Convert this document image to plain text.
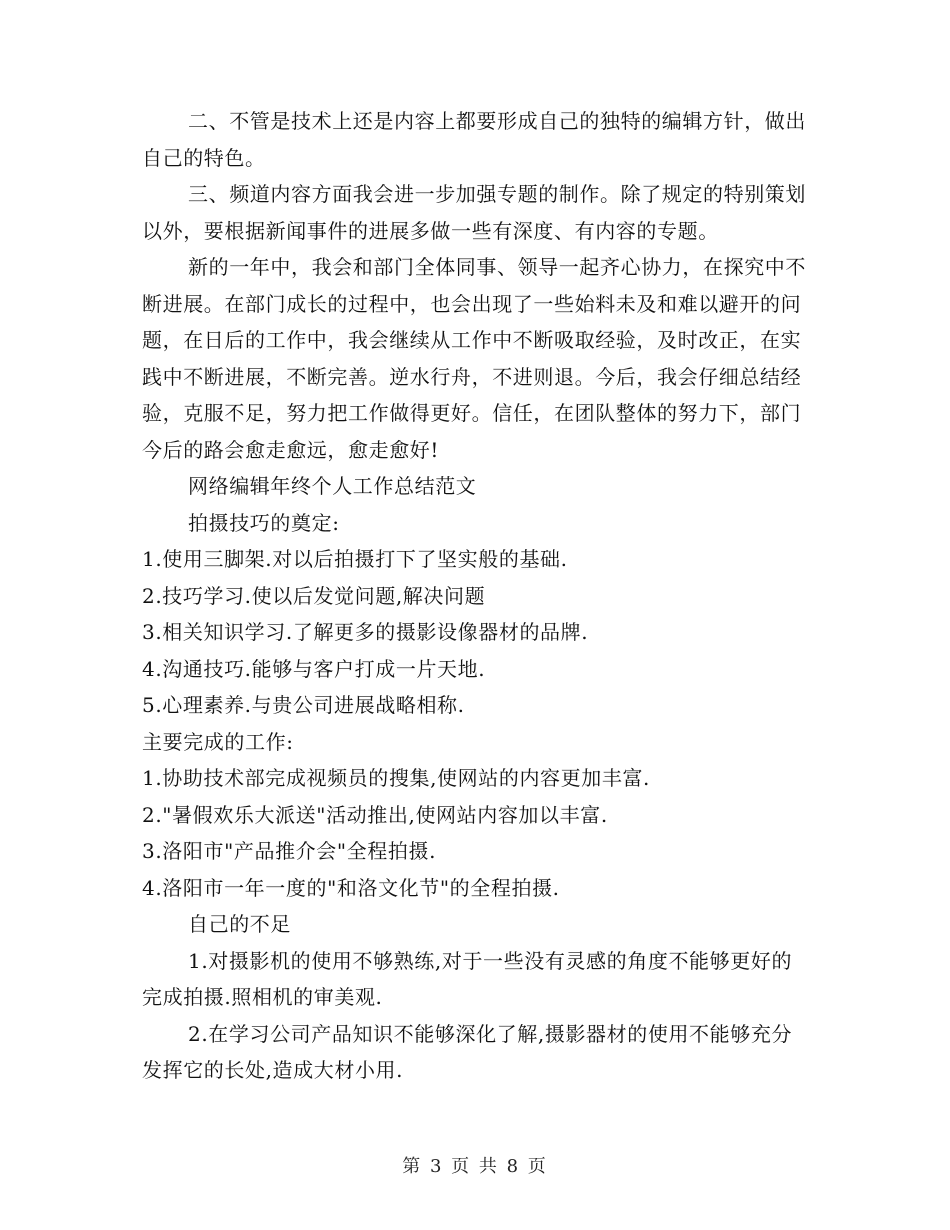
二、不管是技术上还是内容上都要形成自己的独特的编辑方针，做出自己的特色。

三、频道内容方面我会进一步加强专题的制作。除了规定的特别策划以外，要根据新闻事件的进展多做一些有深度、有内容的专题。

新的一年中，我会和部门全体同事、领导一起齐心协力，在探究中不断进展。在部门成长的过程中，也会出现了一些始料未及和难以避开的问题，在日后的工作中，我会继续从工作中不断吸取经验，及时改正，在实践中不断进展，不断完善。逆水行舟，不进则退。今后，我会仔细总结经验，克服不足，努力把工作做得更好。信任，在团队整体的努力下，部门今后的路会愈走愈远，愈走愈好!

网络编辑年终个人工作总结范文

拍摄技巧的奠定:

1.使用三脚架.对以后拍摄打下了坚实般的基础.

2.技巧学习.使以后发觉问题,解决问题

3.相关知识学习.了解更多的摄影设像器材的品牌.

4.沟通技巧.能够与客户打成一片天地.

5.心理素养.与贵公司进展战略相称.

主要完成的工作:

1.协助技术部完成视频员的搜集,使网站的内容更加丰富.

2."暑假欢乐大派送"活动推出,使网站内容加以丰富.

3.洛阳市"产品推介会"全程拍摄.

4.洛阳市一年一度的"和洛文化节"的全程拍摄.

自己的不足

1.对摄影机的使用不够熟练,对于一些没有灵感的角度不能够更好的完成拍摄.照相机的审美观.

2.在学习公司产品知识不能够深化了解,摄影器材的使用不能够充分发挥它的长处,造成大材小用.

第 3 页 共 8 页
